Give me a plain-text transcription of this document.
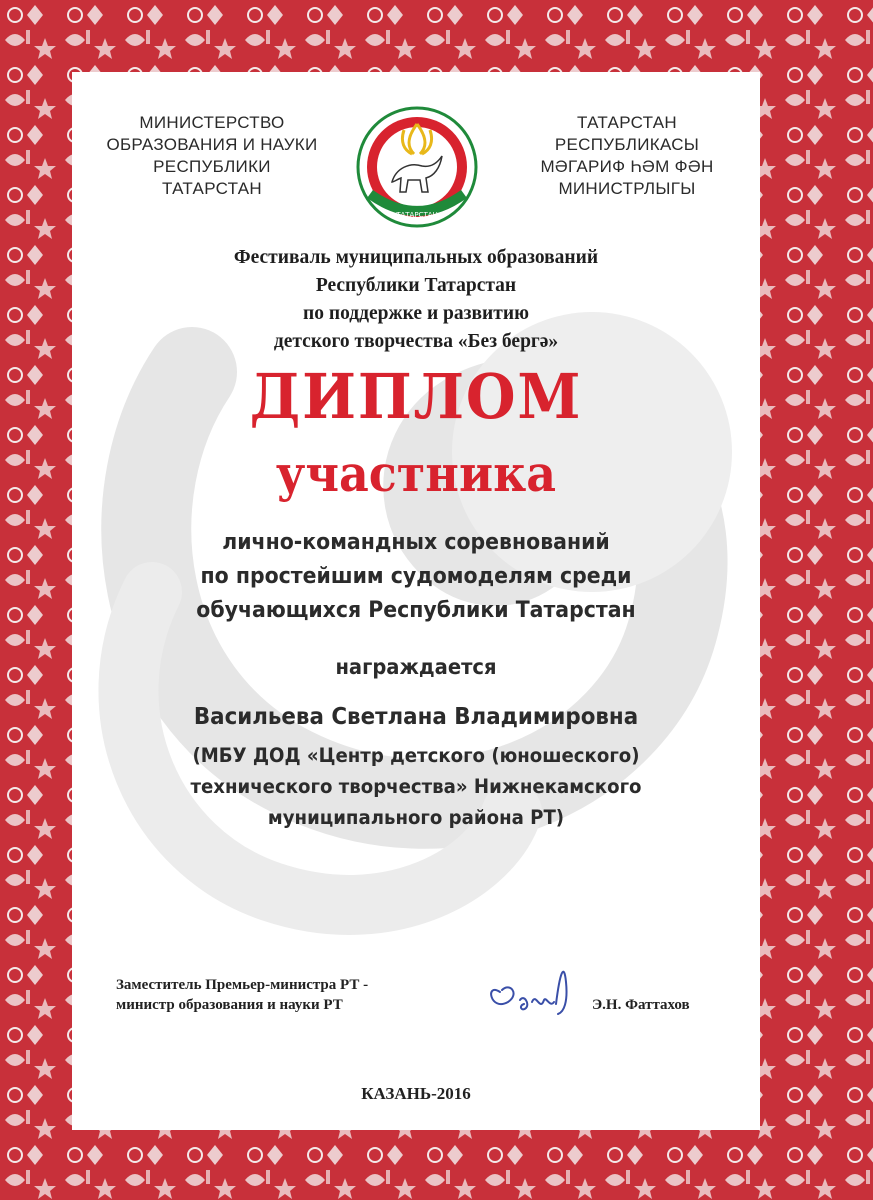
МИНИСТЕРСТВО
ОБРАЗОВАНИЯ И НАУКИ
РЕСПУБЛИКИ
ТАТАРСТАН
ТАТАРСТАН
ТАТАРСТАН
РЕСПУБЛИКАСЫ
МӘГАРИФ ҺӘМ ФӘН
МИНИСТРЛЫГЫ
Фестиваль муниципальных образований
Республики Татарстан
по поддержке и развитию
детского творчества «Без бергә»
ДИПЛОМ
участника
лично-командных соревнований
по простейшим судомоделям среди
обучающихся Республики Татарстан
награждается
Васильева Светлана Владимировна
(МБУ ДОД «Центр детского (юношеского)
технического творчества» Нижнекамского
муниципального района РТ)
Заместитель Премьер-министра РТ -
министр образования и науки РТ	Э.Н. Фаттахов
КАЗАНЬ-2016
